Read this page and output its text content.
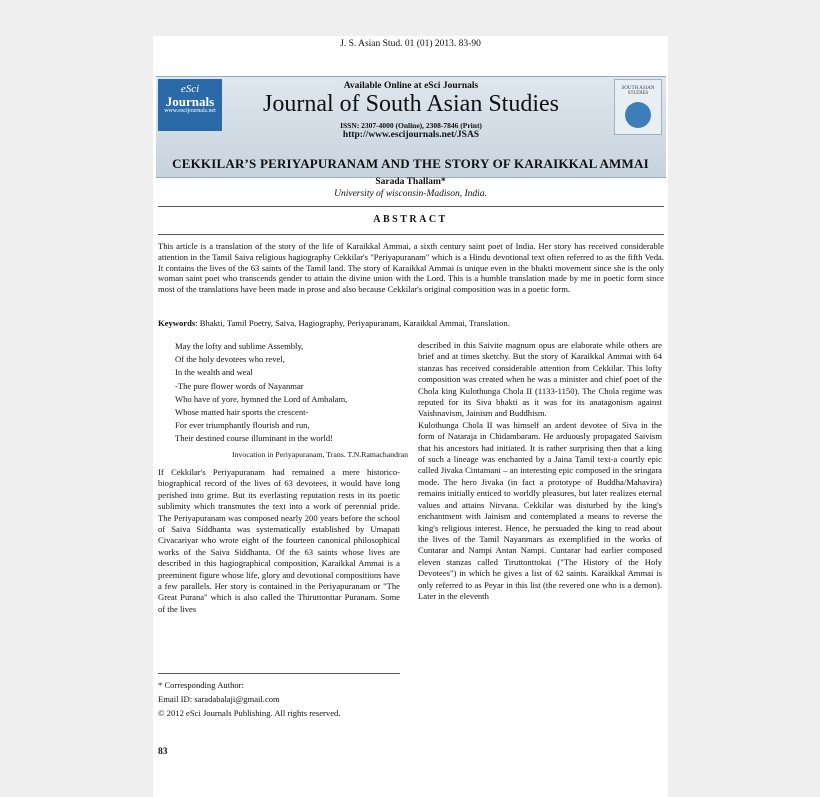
J. S. Asian Stud. 01 (01) 2013. 83-90
eSci
Journals
www.escijournals.net
Available Online at eSci Journals
Journal of South Asian Studies
ISSN: 2307-4000 (Online), 2308-7846 (Print)
http://www.escijournals.net/JSAS
SOUTH ASIAN STUDIES
CEKKILAR’S PERIYAPURANAM AND THE STORY OF KARAIKKAL AMMAI
Sarada Thallam*
University of wisconsin-Madison, India.
ABSTRACT
This article is a translation of the story of the life of Karaikkal Ammai, a sixth century saint poet of India. Her story has received considerable attention in the Tamil Saiva religious hagiography Cekkilar's "Periyapuranam" which is a Hindu devotional text often referred to as the fifth Veda. It contains the lives of the 63 saints of the Tamil land. The story of Karaikkal Ammai is unique even in the bhakti movement since she is the only woman saint poet who transcends gender to attain the divine union with the Lord. This is a humble translation made by me in poetic form since most of the translations have been made in prose and also because Cekkilar's original composition was in a poetic form.
Keywords: Bhakti, Tamil Poetry, Saiva, Hagiography, Periyapuranam, Karaikkal Ammai, Translation.
May the lofty and sublime Assembly,
Of the holy devotees who revel,
In the wealth and weal
-The pure flower words of Nayanmar
Who have of yore, hymned the Lord of Ambalam,
Whose matted hair sports the crescent-
For ever triumphantly flourish and run,
Their destined course illuminant in the world!
Invocation in Periyapuranam, Trans. T.N.Ramachandran

If Cekkilar's Periyapuranam had remained a mere historico-biographical record of the lives of 63 devotees, it would have long perished into grime. But its everlasting reputation rests in its poetic sublimity which transmutes the text into a work of perennial pride. The Periyapuranam was composed nearly 200 years before the school of Saiva Siddhanta was systematically established by Umapati Civacariyar who wrote eight of the fourteen canonical philosophical works of the Saiva Siddhanta. Of the 63 saints whose lives are described in this hagiographical composition, Karaikkal Ammai is a preeminent figure whose life, glory and devotional compositions have a few parallels. Her story is contained in the Periyapuranam or "The Great Purana" which is also called the Thiruttonttar Puranam. Some of the lives

described in this Saivite magnum opus are elaborate while others are brief and at times sketchy. But the story of Karaikkal Ammai with 64 stanzas has received considerable attention from Cekkilar. This lofty composition was created when he was a minister and chief poet of the Chola king Kulothunga Chola II (1133-1150). The Chola regime was reputed for its Siva bhakti as it was for its anatagonism against Vaishnavism, Jainism and Buddhism.

Kulothunga Chola II was himself an ardent devotee of Siva in the form of Nataraja in Chidambaram. He arduously propagated Saivism that his ancestors had initiated. It is rather surprising then that a king of such a lineage was enchanted by a Jaina Tamil text-a courtly epic called Jivaka Cintamani – an interesting epic composed in the sringara mode. The hero Jivaka (in fact a prototype of Buddha/Mahavira) remains initially enticed to worldly pleasures, but later realizes eternal values and attains Nirvana. Cekkilar was disturbed by the king's enchantment with Jainism and contemplated a means to reverse the king's religious interest. Hence, he persuaded the king to read about the lives of the Tamil Nayanmars as exemplified in the works of Cuntarar and Nampi Antan Nampi. Cuntarar had earlier composed eleven stanzas called Tiruttonttokai ("The History of the Holy Devotees") in which he gives a list of 62 saints. Karaikkal Ammai is only referred to as Peyar in this list (the revered one who is a demon). Later in the eleventh

* Corresponding Author:
Email ID: saradabalaji@gmail.com
© 2012 eSci Journals Publishing. All rights reserved.
83
